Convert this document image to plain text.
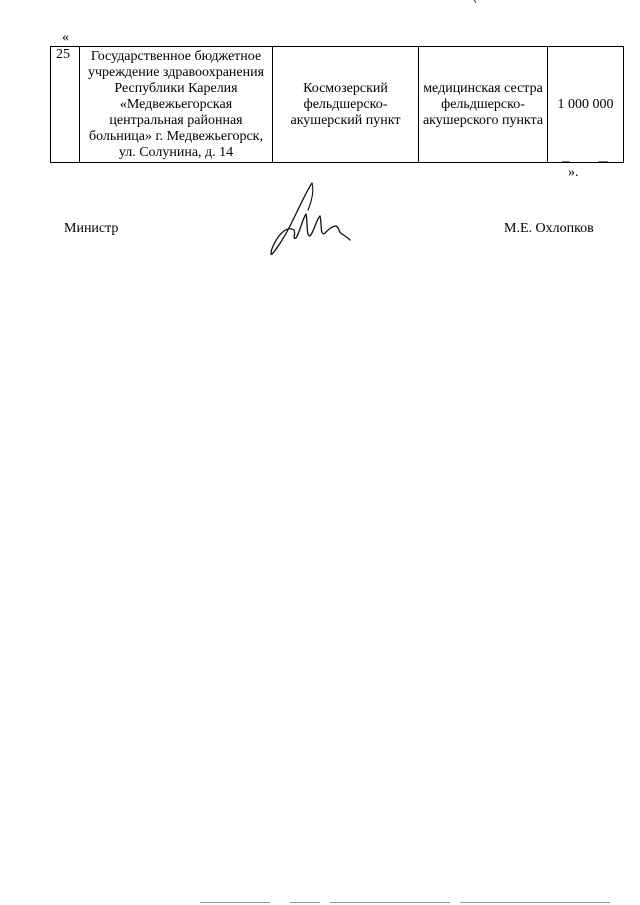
«
25	Государственное бюджетное учреждение здравоохранения Республики Карелия «Медвежьегорская центральная районная больница» г. Медвежьегорск, ул. Солунина, д. 14	Космозерский фельдшерско-акушерский пункт	медицинская сестра фельдшерско-акушерского пункта	1 000 000
».
Министр	М.Е. Охлопков
